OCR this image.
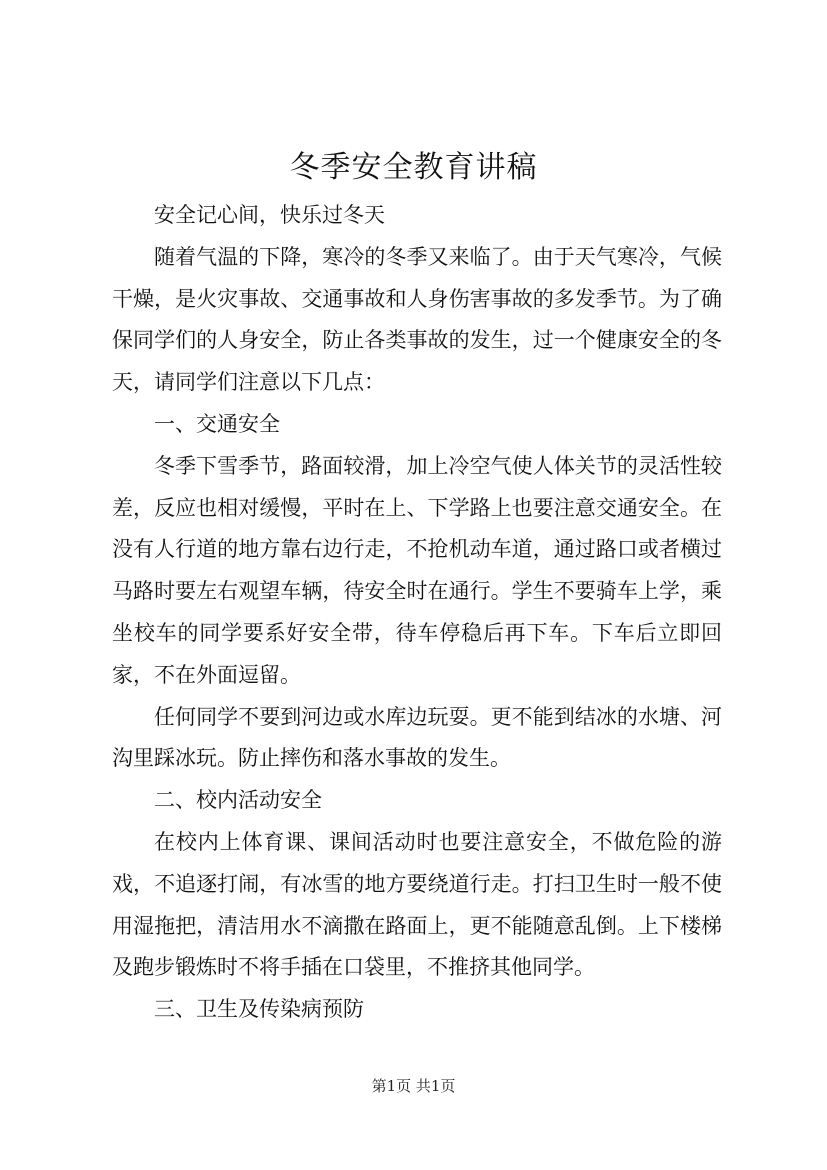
冬季安全教育讲稿

安全记心间，快乐过冬天

随着气温的下降，寒冷的冬季又来临了。由于天气寒冷，气候干燥，是火灾事故、交通事故和人身伤害事故的多发季节。为了确保同学们的人身安全，防止各类事故的发生，过一个健康安全的冬天，请同学们注意以下几点：

一、交通安全

冬季下雪季节，路面较滑，加上冷空气使人体关节的灵活性较差，反应也相对缓慢，平时在上、下学路上也要注意交通安全。在没有人行道的地方靠右边行走，不抢机动车道，通过路口或者横过马路时要左右观望车辆，待安全时在通行。学生不要骑车上学，乘坐校车的同学要系好安全带，待车停稳后再下车。下车后立即回家，不在外面逗留。

任何同学不要到河边或水库边玩耍。更不能到结冰的水塘、河沟里踩冰玩。防止摔伤和落水事故的发生。

二、校内活动安全

在校内上体育课、课间活动时也要注意安全，不做危险的游戏，不追逐打闹，有冰雪的地方要绕道行走。打扫卫生时一般不使用湿拖把，清洁用水不滴撒在路面上，更不能随意乱倒。上下楼梯及跑步锻炼时不将手插在口袋里，不推挤其他同学。

三、卫生及传染病预防

第1页 共1页
